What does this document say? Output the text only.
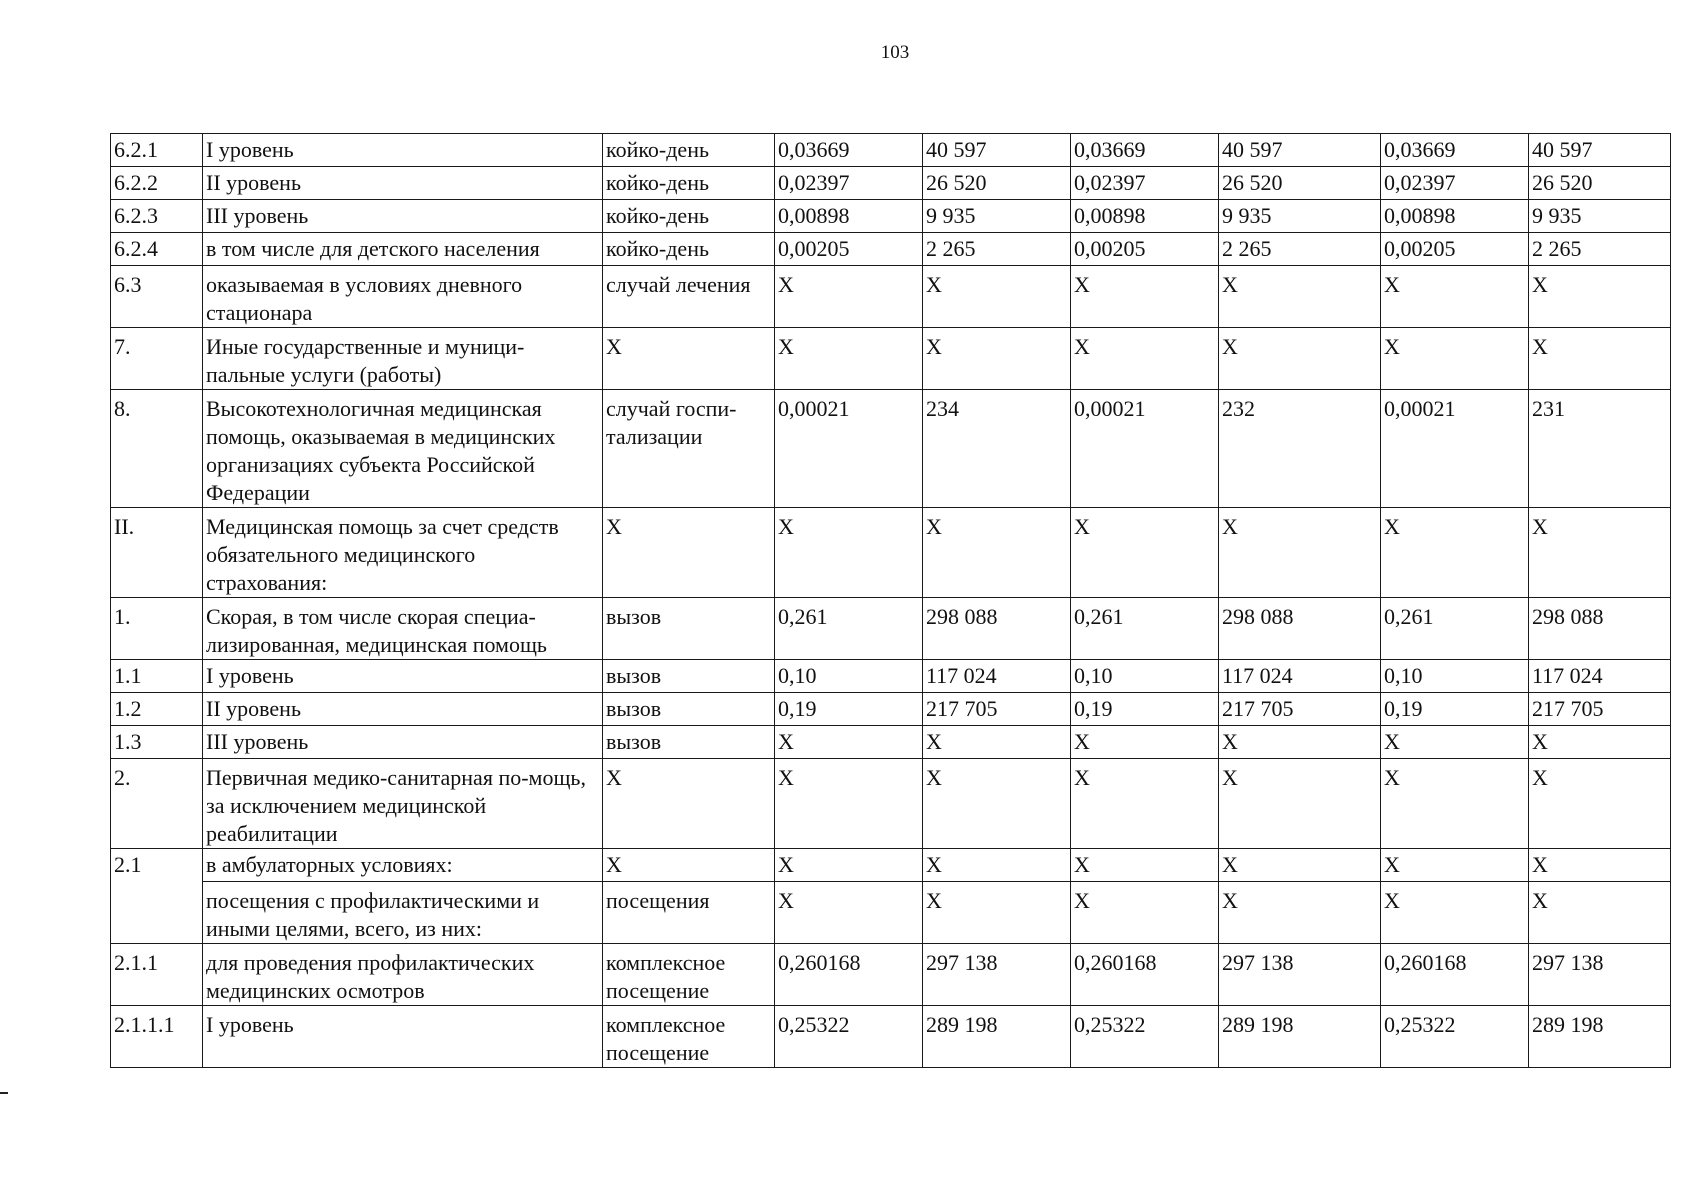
103
6.2.1	I уровень	койко-день	0,03669	40 597	0,03669	40 597	0,03669	40 597
6.2.2	II уровень	койко-день	0,02397	26 520	0,02397	26 520	0,02397	26 520
6.2.3	III уровень	койко-день	0,00898	9 935	0,00898	9 935	0,00898	9 935
6.2.4	в том числе для детского населения	койко-день	0,00205	2 265	0,00205	2 265	0,00205	2 265
6.3	оказываемая в условиях дневного стационара	случай лечения	X	X	X	X	X	X
7.	Иные государственные и муници-пальные услуги (работы)	X	X	X	X	X	X	X
8.	Высокотехнологичная медицинская помощь, оказываемая в медицинских организациях субъекта Российской Федерации	случай госпи-тализации	0,00021	234	0,00021	232	0,00021	231
II.	Медицинская помощь за счет средств обязательного медицинского страхования:	X	X	X	X	X	X	X
1.	Скорая, в том числе скорая специа-лизированная, медицинская помощь	вызов	0,261	298 088	0,261	298 088	0,261	298 088
1.1	I уровень	вызов	0,10	117 024	0,10	117 024	0,10	117 024
1.2	II уровень	вызов	0,19	217 705	0,19	217 705	0,19	217 705
1.3	III уровень	вызов	X	X	X	X	X	X
2.	Первичная медико-санитарная по-мощь, за исключением медицинской реабилитации	X	X	X	X	X	X	X
2.1	в амбулаторных условиях:	X	X	X	X	X	X	X
	посещения с профилактическими и иными целями, всего, из них:	посещения	X	X	X	X	X	X
2.1.1	для проведения профилактических медицинских осмотров	комплексное посещение	0,260168	297 138	0,260168	297 138	0,260168	297 138
2.1.1.1	I уровень	комплексное посещение	0,25322	289 198	0,25322	289 198	0,25322	289 198
